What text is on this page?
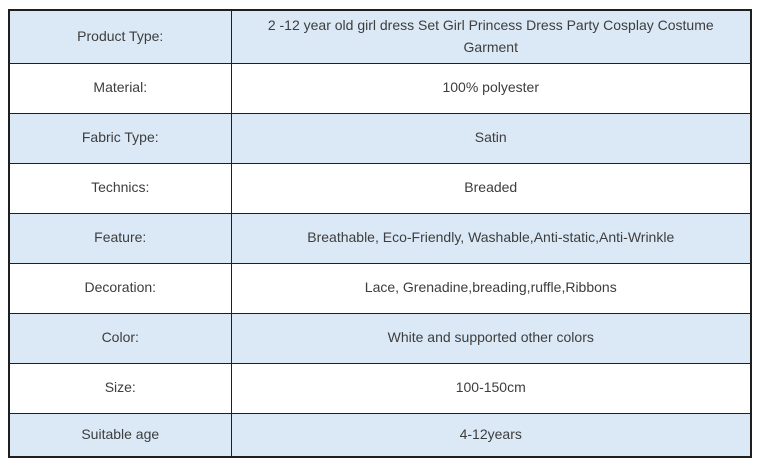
Product Type:	2 -12 year old girl dress Set Girl Princess Dress Party Cosplay Costume Garment
Material:	100% polyester
Fabric Type:	Satin
Technics:	Breaded
Feature:	Breathable, Eco-Friendly, Washable,Anti-static,Anti-Wrinkle
Decoration:	Lace, Grenadine,breading,ruffle,Ribbons
Color:	White and supported other colors
Size:	100-150cm
Suitable age	4-12years
